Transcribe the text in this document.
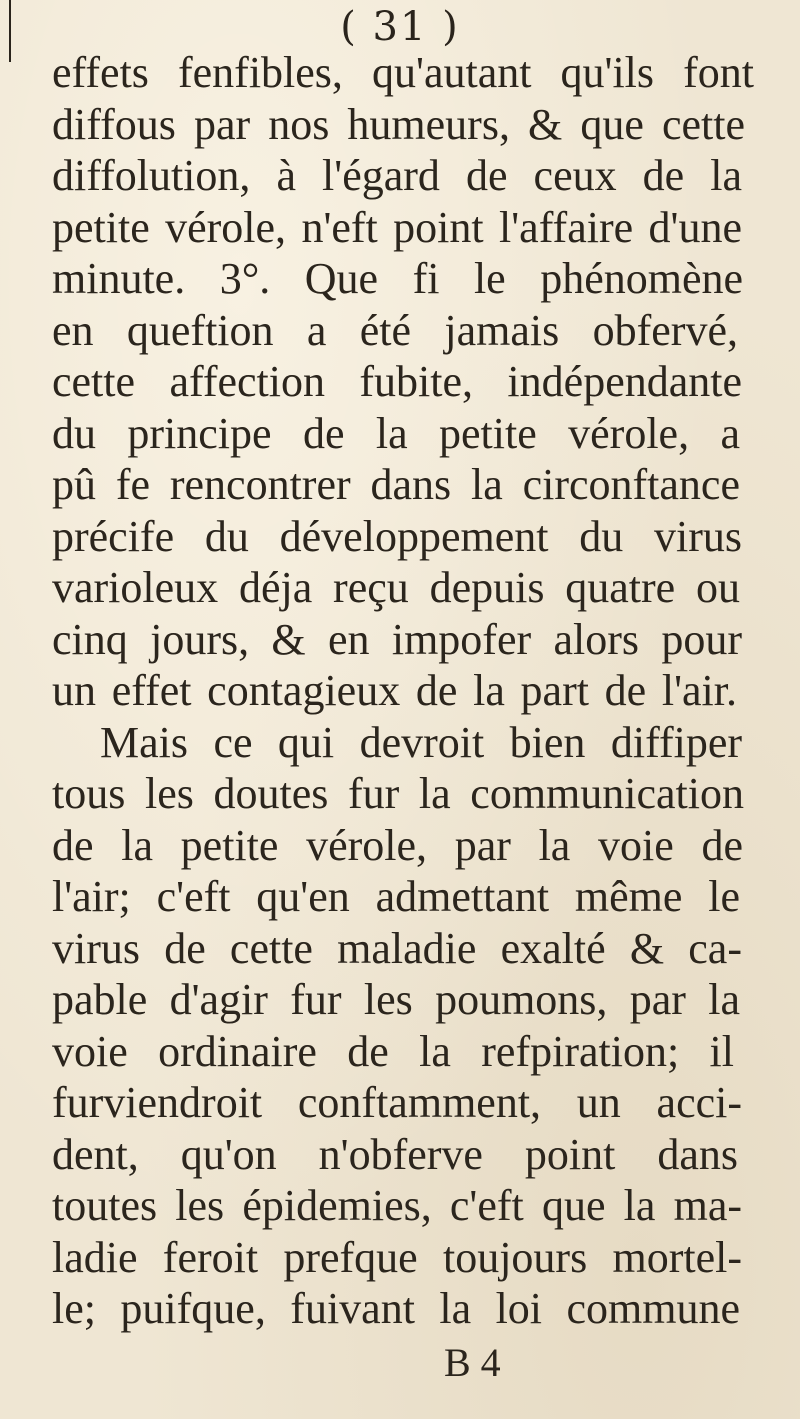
( 31 )
effets fenfibles, qu'autant qu'ils font
diffous par nos humeurs, & que cette
diffolution, à l'égard de ceux de la
petite vérole, n'eft point l'affaire d'une
minute. 3°. Que fi le phénomène
en queftion a été jamais obfervé,
cette affection fubite, indépendante
du principe de la petite vérole, a
pû fe rencontrer dans la circonftance
précife du développement du virus
varioleux déja reçu depuis quatre ou
cinq jours, & en impofer alors pour
un effet contagieux de la part de l'air.
Mais ce qui devroit bien diffiper
tous les doutes fur la communication
de la petite vérole, par la voie de
l'air; c'eft qu'en admettant même le
virus de cette maladie exalté & ca-
pable d'agir fur les poumons, par la
voie ordinaire de la refpiration; il
furviendroit conftamment, un acci-
dent, qu'on n'obferve point dans
toutes les épidemies, c'eft que la ma-
ladie feroit prefque toujours mortel-
le; puifque, fuivant la loi commune
B 4
